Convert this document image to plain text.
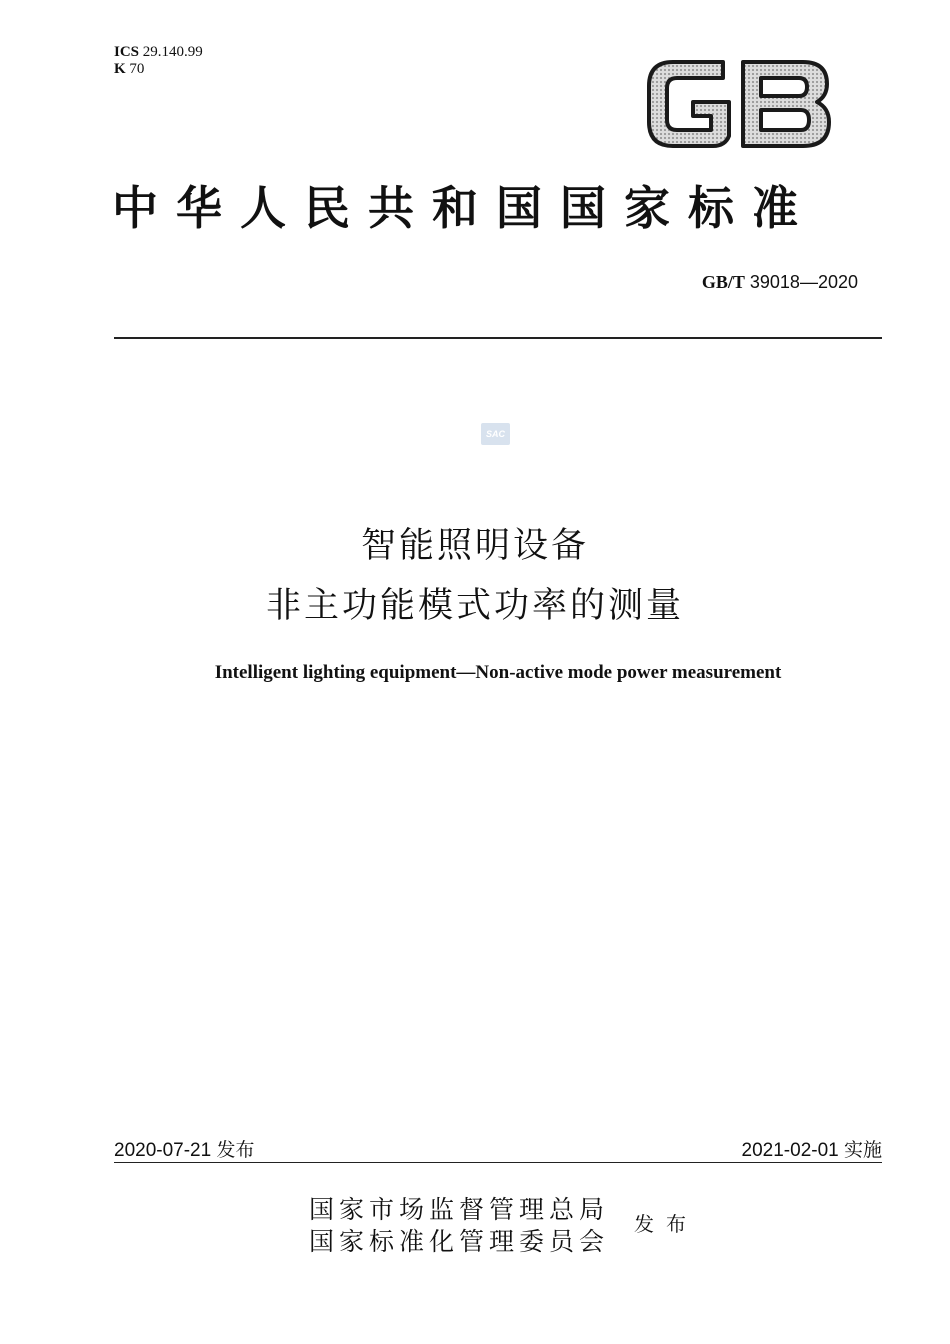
ICS 29.140.99
K 70
GB
中华人民共和国国家标准
GB/T 39018—2020
SAC
智能照明设备
非主功能模式功率的测量
Intelligent lighting equipment—Non-active mode power measurement
2020-07-21 发布	2021-02-01 实施
国家市场监督管理总局
国家标准化管理委员会
发布
